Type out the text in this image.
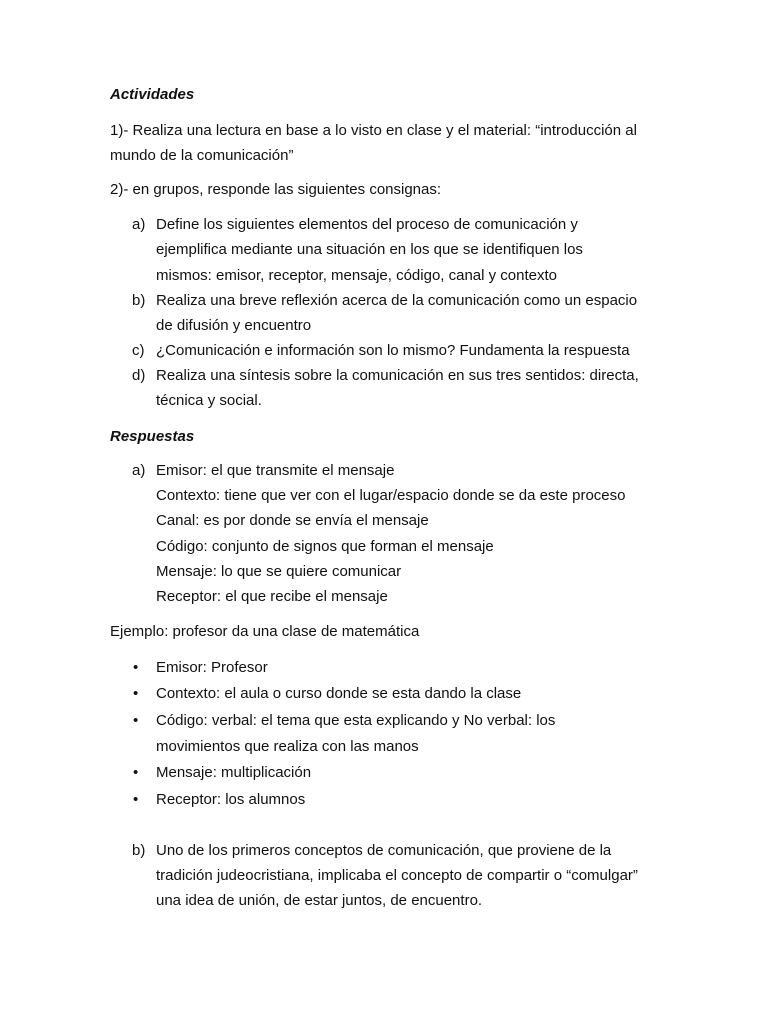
Actividades
1)- Realiza una lectura en base a lo visto en clase y el material: “introducción al
mundo de la comunicación”
2)- en grupos, responde las siguientes consignas:
a) Define los siguientes elementos del proceso de comunicación y
ejemplifica mediante una situación en los que se identifiquen los
mismos: emisor, receptor, mensaje, código, canal y contexto
b) Realiza una breve reflexión acerca de la comunicación como un espacio
de difusión y encuentro
c) ¿Comunicación e información son lo mismo? Fundamenta la respuesta
d) Realiza una síntesis sobre la comunicación en sus tres sentidos: directa,
técnica y social.
Respuestas
a) Emisor: el que transmite el mensaje
Contexto: tiene que ver con el lugar/espacio donde se da este proceso
Canal: es por donde se envía el mensaje
Código: conjunto de signos que forman el mensaje
Mensaje: lo que se quiere comunicar
Receptor: el que recibe el mensaje
Ejemplo: profesor da una clase de matemática
• Emisor: Profesor
• Contexto: el aula o curso donde se esta dando la clase
• Código: verbal: el tema que esta explicando y No verbal: los
movimientos que realiza con las manos
• Mensaje: multiplicación
• Receptor: los alumnos
b) Uno de los primeros conceptos de comunicación, que proviene de la
tradición judeocristiana, implicaba el concepto de compartir o “comulgar”
una idea de unión, de estar juntos, de encuentro.
